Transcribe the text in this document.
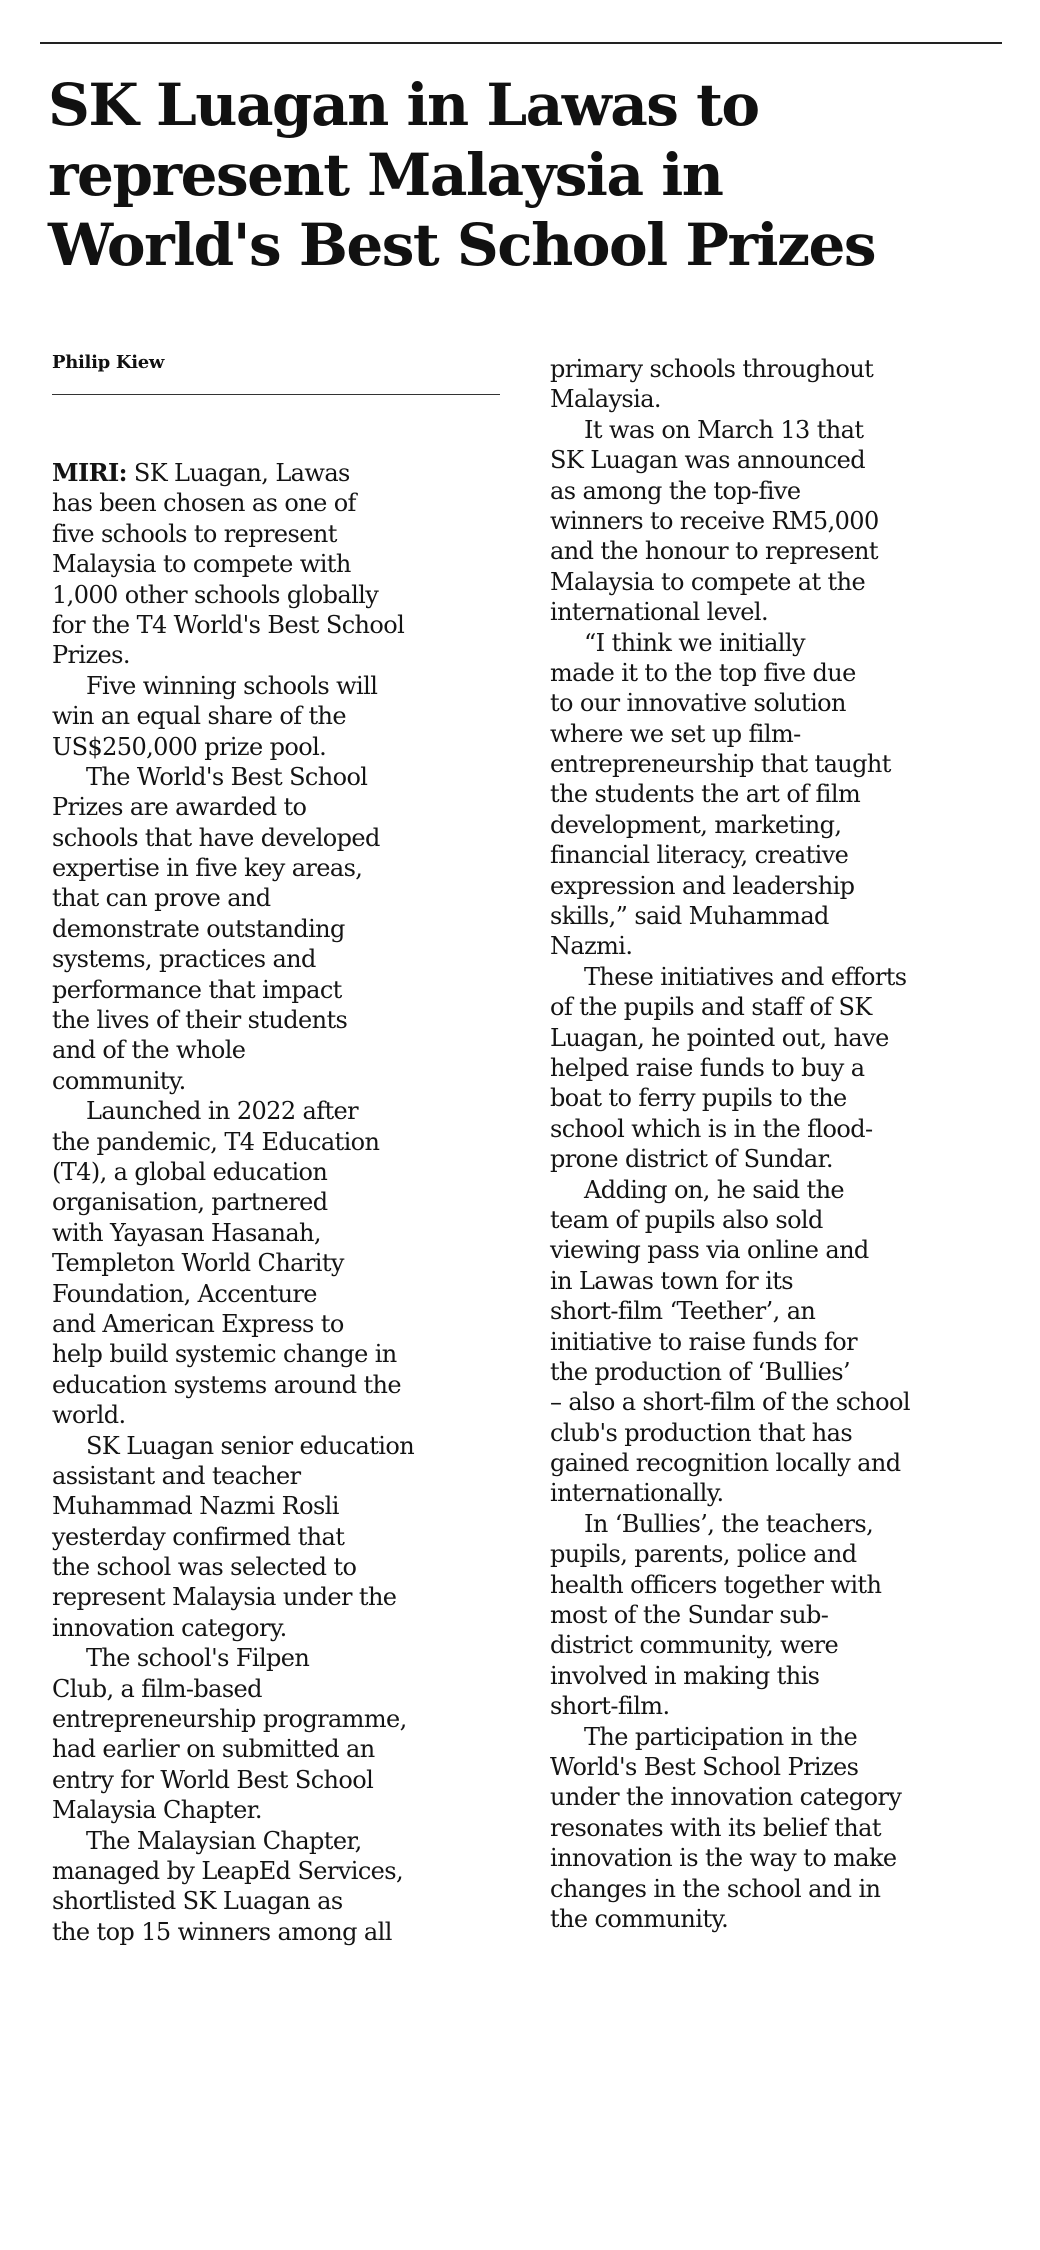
SK Luagan in Lawas to
represent Malaysia in
World's Best School Prizes
Philip Kiew
MIRI: SK Luagan, Lawas
has been chosen as one of
five schools to represent
Malaysia to compete with
1,000 other schools globally
for the T4 World's Best School
Prizes.
Five winning schools will
win an equal share of the
US$250,000 prize pool.
The World's Best School
Prizes are awarded to
schools that have developed
expertise in five key areas,
that can prove and
demonstrate outstanding
systems, practices and
performance that impact
the lives of their students
and of the whole
community.
Launched in 2022 after
the pandemic, T4 Education
(T4), a global education
organisation, partnered
with Yayasan Hasanah,
Templeton World Charity
Foundation, Accenture
and American Express to
help build systemic change in
education systems around the
world.
SK Luagan senior education
assistant and teacher
Muhammad Nazmi Rosli
yesterday confirmed that
the school was selected to
represent Malaysia under the
innovation category.
The school's Filpen
Club, a film-based
entrepreneurship programme,
had earlier on submitted an
entry for World Best School
Malaysia Chapter.
The Malaysian Chapter,
managed by LeapEd Services,
shortlisted SK Luagan as
the top 15 winners among all
primary schools throughout
Malaysia.
It was on March 13 that
SK Luagan was announced
as among the top-five
winners to receive RM5,000
and the honour to represent
Malaysia to compete at the
international level.
“I think we initially
made it to the top five due
to our innovative solution
where we set up film-
entrepreneurship that taught
the students the art of film
development, marketing,
financial literacy, creative
expression and leadership
skills,” said Muhammad
Nazmi.
These initiatives and efforts
of the pupils and staff of SK
Luagan, he pointed out, have
helped raise funds to buy a
boat to ferry pupils to the
school which is in the flood-
prone district of Sundar.
Adding on, he said the
team of pupils also sold
viewing pass via online and
in Lawas town for its
short-film ‘Teether’, an
initiative to raise funds for
the production of ‘Bullies’
– also a short-film of the school
club's production that has
gained recognition locally and
internationally.
In ‘Bullies’, the teachers,
pupils, parents, police and
health officers together with
most of the Sundar sub-
district community, were
involved in making this
short-film.
The participation in the
World's Best School Prizes
under the innovation category
resonates with its belief that
innovation is the way to make
changes in the school and in
the community.
